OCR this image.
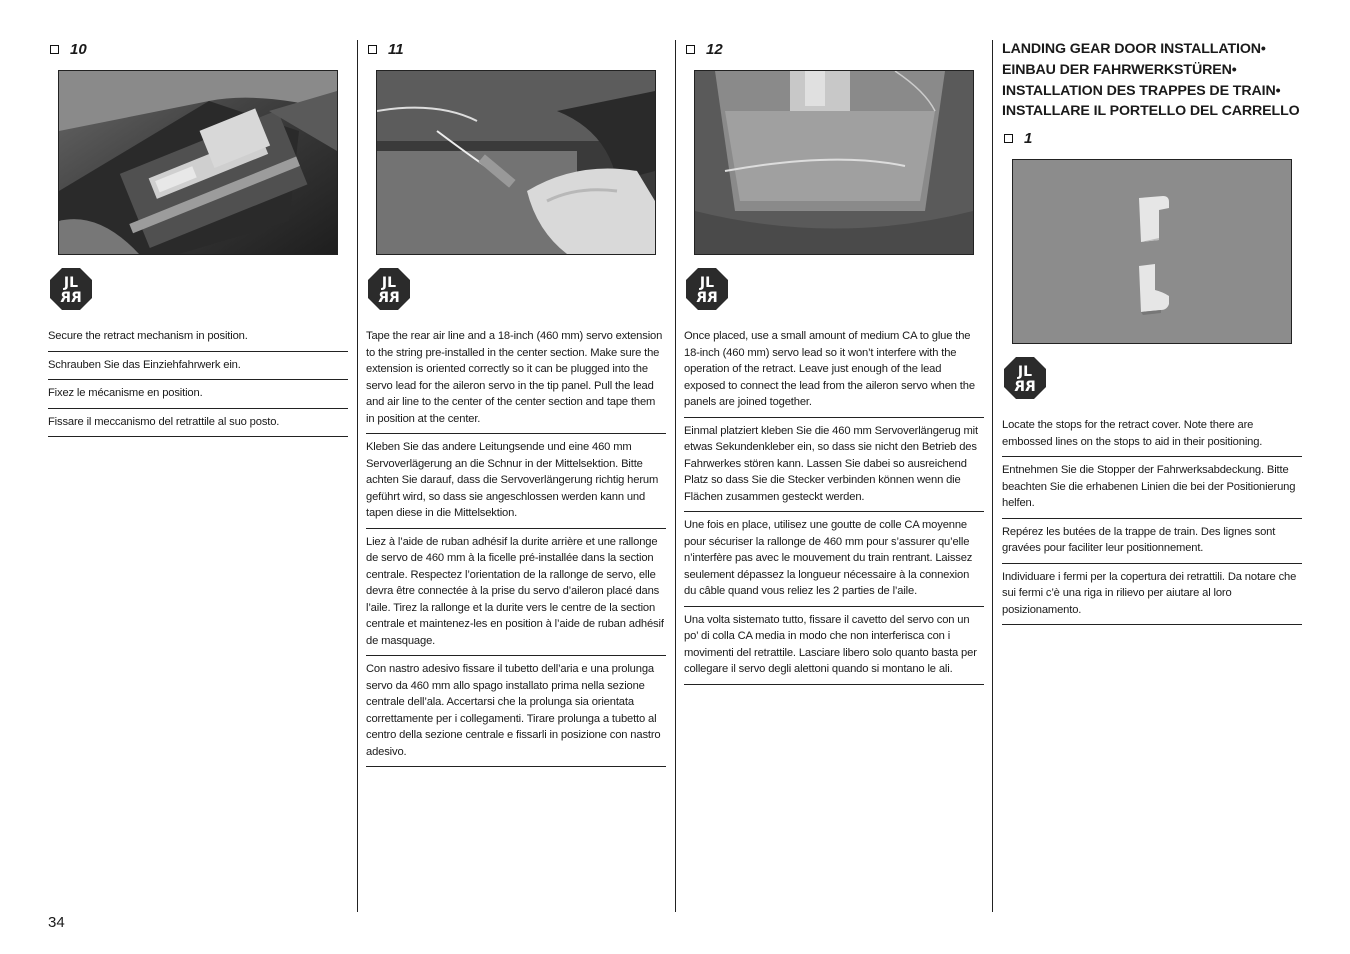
10
JL
RR
Secure the retract mechanism in position.
Schrauben Sie das Einziehfahrwerk ein.
Fixez le mécanisme en position.
Fissare il meccanismo del retrattile al suo posto.
11
JL
RR
Tape the rear air line and a 18-inch (460 mm) servo extension to the string pre-installed in the center section. Make sure the extension is oriented correctly so it can be plugged into the servo lead for the aileron servo in the tip panel. Pull the lead and air line to the center of the center section and tape them in position at the center.
Kleben Sie das andere Leitungsende und eine 460 mm Servoverlägerung an die Schnur in der Mittelsektion. Bitte achten Sie darauf, dass die Servoverlängerung richtig herum geführt wird, so dass sie angeschlossen werden kann und tapen diese in die Mittelsektion.
Liez à l’aide de ruban adhésif la durite arrière et une rallonge de servo de 460 mm à la ficelle pré-installée dans la section centrale. Respectez l’orientation de la rallonge de servo, elle devra être connectée à la prise du servo d’aileron placé dans l’aile. Tirez la rallonge et la durite vers le centre de la section centrale et maintenez-les en position à l’aide de ruban adhésif de masquage.
Con nastro adesivo fissare il tubetto dell’aria e una prolunga servo da 460 mm allo spago installato prima nella sezione centrale dell’ala. Accertarsi che la prolunga sia orientata correttamente per i collegamenti. Tirare prolunga a tubetto al centro della sezione centrale e fissarli in posizione con nastro adesivo.
12
JL
RR
Once placed, use a small amount of medium CA to glue the 18-inch (460 mm) servo lead so it won’t interfere with the operation of the retract. Leave just enough of the lead exposed to connect the lead from the aileron servo when the panels are joined together.
Einmal platziert kleben Sie die 460 mm Servoverlängerug mit etwas Sekundenkleber ein, so dass sie nicht den Betrieb des Fahrwerkes stören kann. Lassen Sie dabei so ausreichend Platz so dass Sie die Stecker verbinden können wenn die Flächen zusammen gesteckt werden.
Une fois en place, utilisez une goutte de colle CA moyenne pour sécuriser la rallonge de 460 mm pour s’assurer qu’elle n’interfère pas avec le mouvement du train rentrant. Laissez seulement dépassez la longueur nécessaire à la connexion du câble quand vous reliez les 2 parties de l’aile.
Una volta sistemato tutto, fissare il cavetto del servo con un po’ di colla CA media in modo che non interferisca con i movimenti del retrattile. Lasciare libero solo quanto basta per collegare il servo degli alettoni quando si montano le ali.
LANDING GEAR DOOR INSTALLATION•
EINBAU DER FAHRWERKSTÜREN•
INSTALLATION DES TRAPPES DE TRAIN•
INSTALLARE IL PORTELLO DEL CARRELLO
1
JL
RR
Locate the stops for the retract cover. Note there are embossed lines on the stops to aid in their positioning.
Entnehmen Sie die Stopper der Fahrwerksabdeckung. Bitte beachten Sie die erhabenen Linien die bei der Positionierung helfen.
Repérez les butées de la trappe de train. Des lignes sont gravées pour faciliter leur positionnement.
Individuare i fermi per la copertura dei retrattili. Da notare che sui fermi c’è una riga in rilievo per aiutare al loro posizionamento.
34
